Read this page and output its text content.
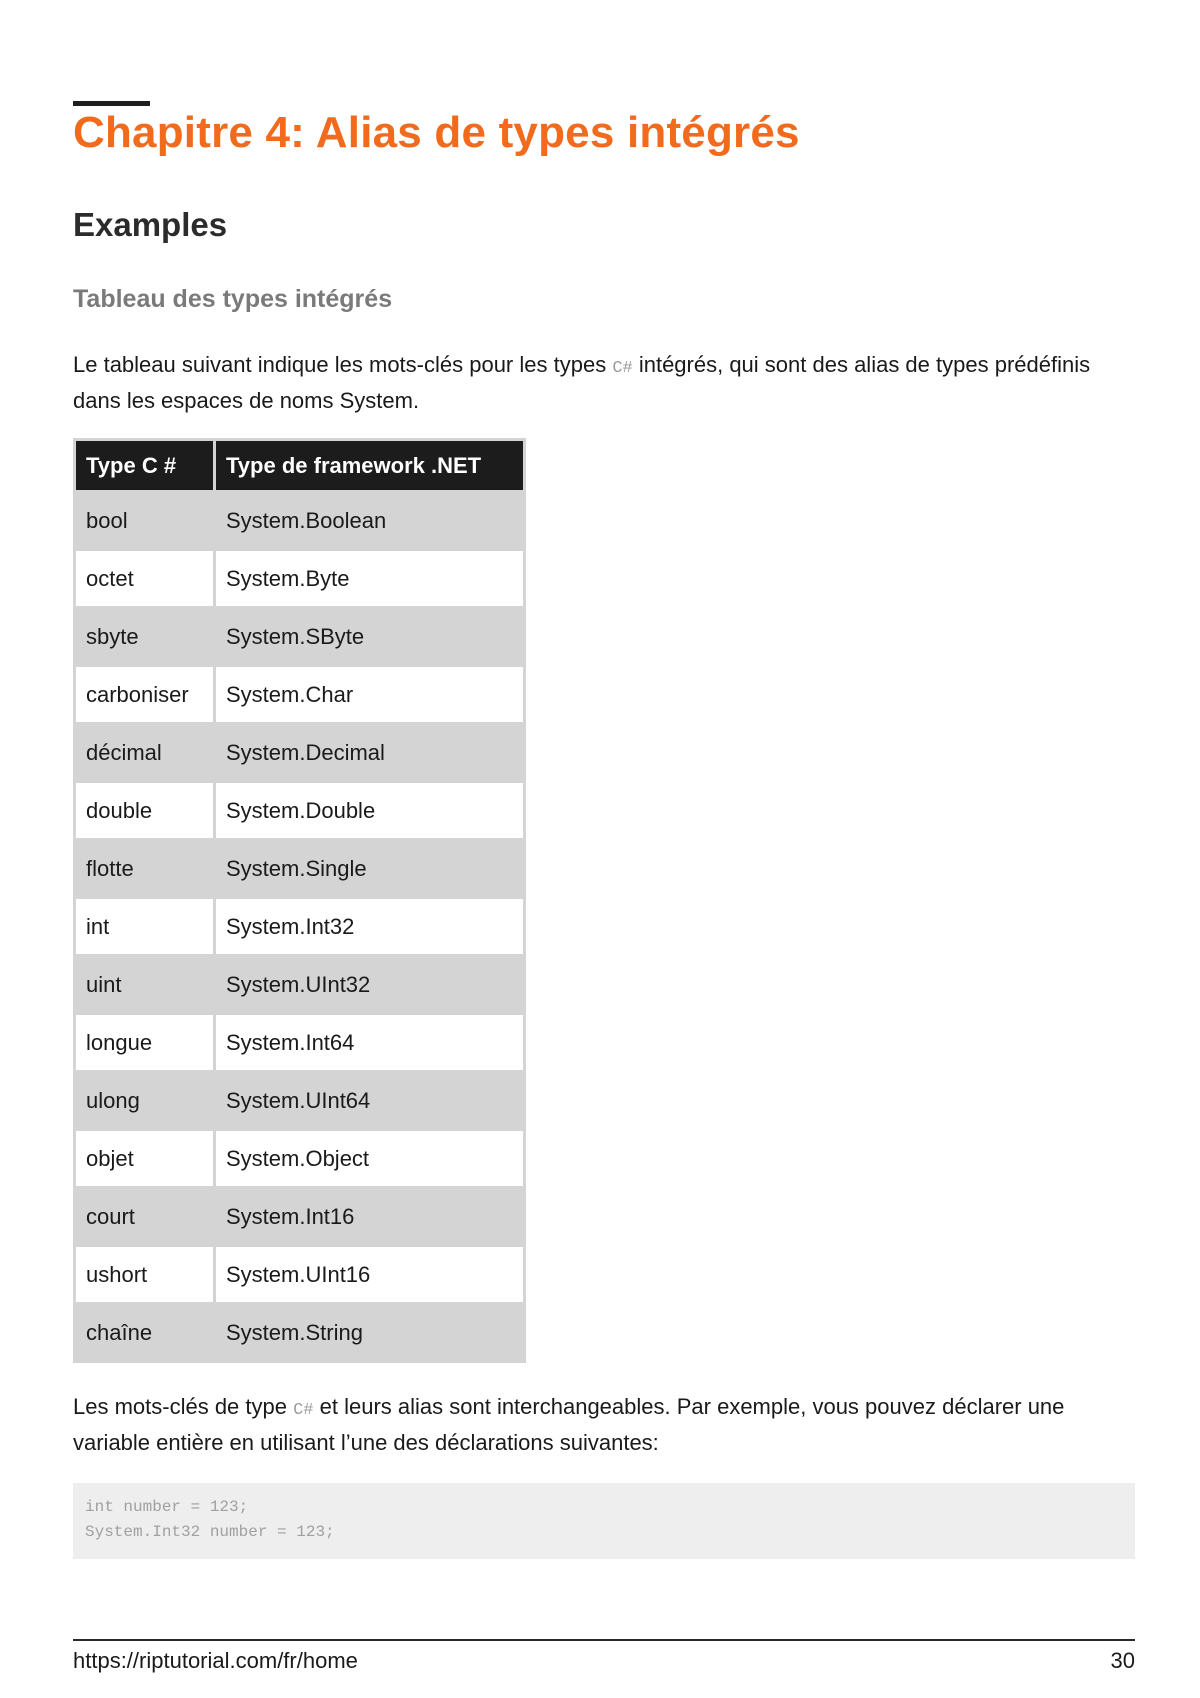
Chapitre 4: Alias de types intégrés
Examples
Tableau des types intégrés

Le tableau suivant indique les mots-clés pour les types C# intégrés, qui sont des alias de types prédéfinis dans les espaces de noms System.

Type C #	Type de framework .NET
bool	System.Boolean
octet	System.Byte
sbyte	System.SByte
carboniser	System.Char
décimal	System.Decimal
double	System.Double
flotte	System.Single
int	System.Int32
uint	System.UInt32
longue	System.Int64
ulong	System.UInt64
objet	System.Object
court	System.Int16
ushort	System.UInt16
chaîne	System.String

Les mots-clés de type C# et leurs alias sont interchangeables. Par exemple, vous pouvez déclarer une variable entière en utilisant l’une des déclarations suivantes:

int number = 123;
System.Int32 number = 123;
https://riptutorial.com/fr/home	30
